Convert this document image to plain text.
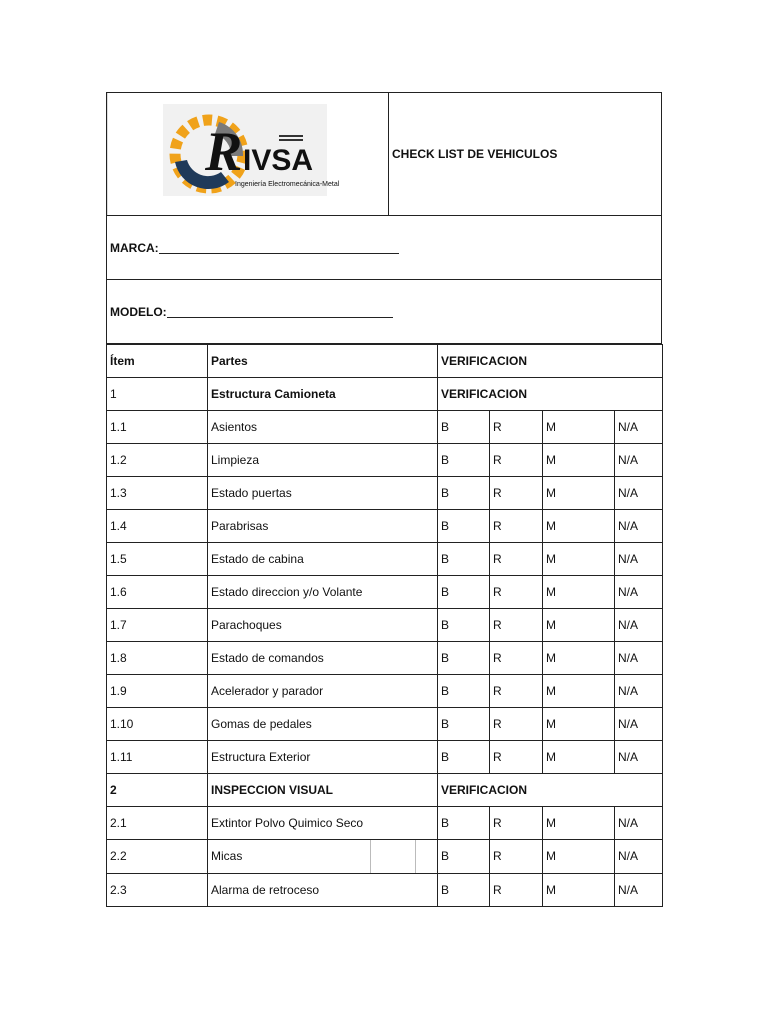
R IVSA
Ingeniería Electromecánica-Metal
CHECK LIST DE VEHICULOS
MARCA:
MODELO:
Ítem	Partes	VERIFICACION			
1	Estructura Camioneta	VERIFICACION			
1.1	Asientos	B	R	M	N/A
1.2	Limpieza	B	R	M	N/A
1.3	Estado puertas	B	R	M	N/A
1.4	Parabrisas	B	R	M	N/A
1.5	Estado de cabina	B	R	M	N/A
1.6	Estado direccion y/o Volante	B	R	M	N/A
1.7	Parachoques	B	R	M	N/A
1.8	Estado de comandos	B	R	M	N/A
1.9	Acelerador y parador	B	R	M	N/A
1.10	Gomas de pedales	B	R	M	N/A
1.11	Estructura Exterior	B	R	M	N/A
2	INSPECCION VISUAL	VERIFICACION			
2.1	Extintor Polvo Quimico Seco	B	R	M	N/A
2.2	Micas	B	R	M	N/A
2.3	Alarma de retroceso	B	R	M	N/A
